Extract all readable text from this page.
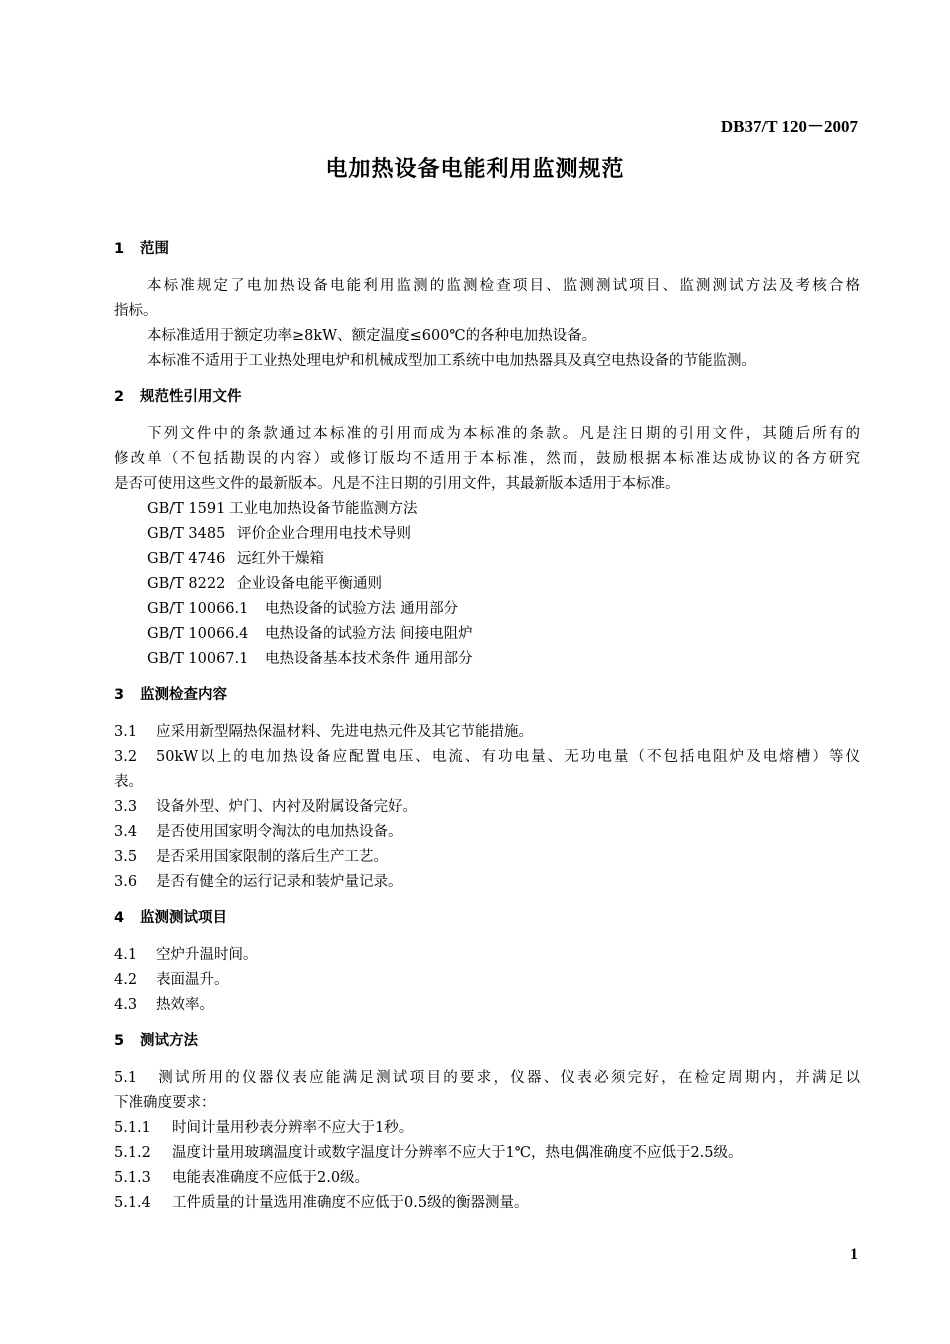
DB37/T 120－2007
电加热设备电能利用监测规范
1 范围
本标准规定了电加热设备电能利用监测的监测检查项目、监测测试项目、监测测试方法及考核合格
指标。
本标准适用于额定功率≥8kW、额定温度≤600℃的各种电加热设备。
本标准不适用于工业热处理电炉和机械成型加工系统中电加热器具及真空电热设备的节能监测。
2 规范性引用文件
下列文件中的条款通过本标准的引用而成为本标准的条款。凡是注日期的引用文件，其随后所有的
修改单（不包括勘误的内容）或修订版均不适用于本标准，然而，鼓励根据本标准达成协议的各方研究
是否可使用这些文件的最新版本。凡是不注日期的引用文件，其最新版本适用于本标准。
GB/T 1591 工业电加热设备节能监测方法
GB/T 3485 评价企业合理用电技术导则
GB/T 4746 远红外干燥箱
GB/T 8222 企业设备电能平衡通则
GB/T 10066.1 电热设备的试验方法 通用部分
GB/T 10066.4 电热设备的试验方法 间接电阻炉
GB/T 10067.1 电热设备基本技术条件 通用部分
3 监测检查内容
3.1 应采用新型隔热保温材料、先进电热元件及其它节能措施。
3.2 50kW以上的电加热设备应配置电压、电流、有功电量、无功电量（不包括电阻炉及电熔槽）等仪
表。
3.3 设备外型、炉门、内衬及附属设备完好。
3.4 是否使用国家明令淘汰的电加热设备。
3.5 是否采用国家限制的落后生产工艺。
3.6 是否有健全的运行记录和装炉量记录。
4 监测测试项目
4.1 空炉升温时间。
4.2 表面温升。
4.3 热效率。
5 测试方法
5.1 测试所用的仪器仪表应能满足测试项目的要求，仪器、仪表必须完好，在检定周期内，并满足以
下准确度要求：
5.1.1 时间计量用秒表分辨率不应大于1秒。
5.1.2 温度计量用玻璃温度计或数字温度计分辨率不应大于1℃，热电偶准确度不应低于2.5级。
5.1.3 电能表准确度不应低于2.0级。
5.1.4 工件质量的计量选用准确度不应低于0.5级的衡器测量。
1
